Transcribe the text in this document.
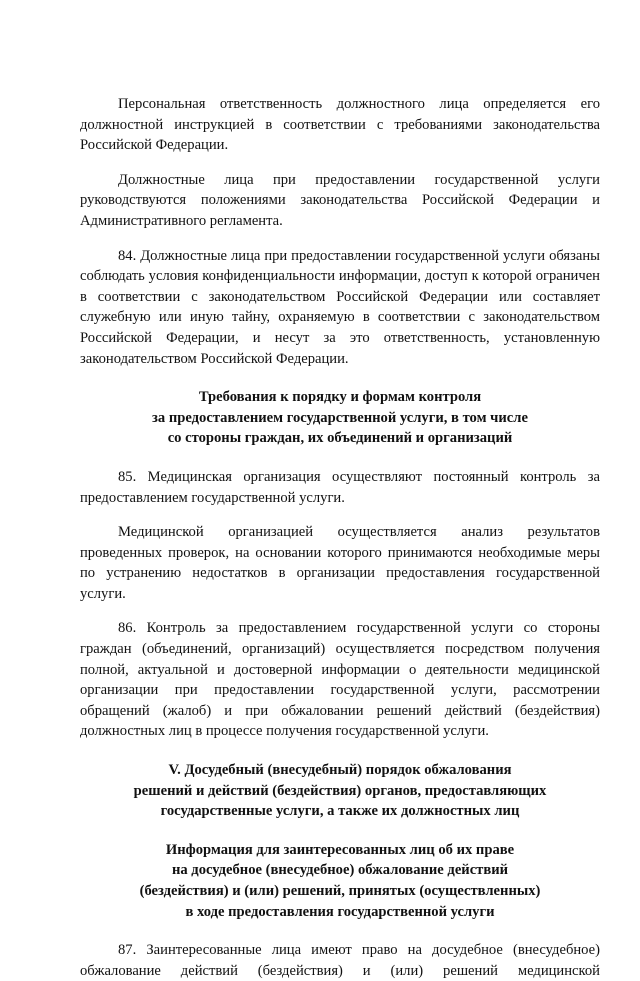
Персональная ответственность должностного лица определяется его должностной инструкцией в соответствии с требованиями законодательства Российской Федерации.

Должностные лица при предоставлении государственной услуги руководствуются положениями законодательства Российской Федерации и Административного регламента.

84. Должностные лица при предоставлении государственной услуги обязаны соблюдать условия конфиденциальности информации, доступ к которой ограничен в соответствии с законодательством Российской Федерации или составляет служебную или иную тайну, охраняемую в соответствии с законодательством Российской Федерации, и несут за это ответственность, установленную законодательством Российской Федерации.

Требования к порядку и формам контроля
за предоставлением государственной услуги, в том числе
со стороны граждан, их объединений и организаций

85. Медицинская организация осуществляют постоянный контроль за предоставлением государственной услуги.

Медицинской организацией осуществляется анализ результатов проведенных проверок, на основании которого принимаются необходимые меры по устранению недостатков в организации предоставления государственной услуги.

86. Контроль за предоставлением государственной услуги со стороны граждан (объединений, организаций) осуществляется посредством получения полной, актуальной и достоверной информации о деятельности медицинской организации при предоставлении государственной услуги, рассмотрении обращений (жалоб) и при обжаловании решений действий (бездействия) должностных лиц в процессе получения государственной услуги.

V. Досудебный (внесудебный) порядок обжалования
решений и действий (бездействия) органов, предоставляющих
государственные услуги, а также их должностных лиц
Информация для заинтересованных лиц об их праве
на досудебное (внесудебное) обжалование действий
(бездействия) и (или) решений, принятых (осуществленных)
в ходе предоставления государственной услуги

87. Заинтересованные лица имеют право на досудебное (внесудебное) обжалование действий (бездействия) и (или) решений медицинской
